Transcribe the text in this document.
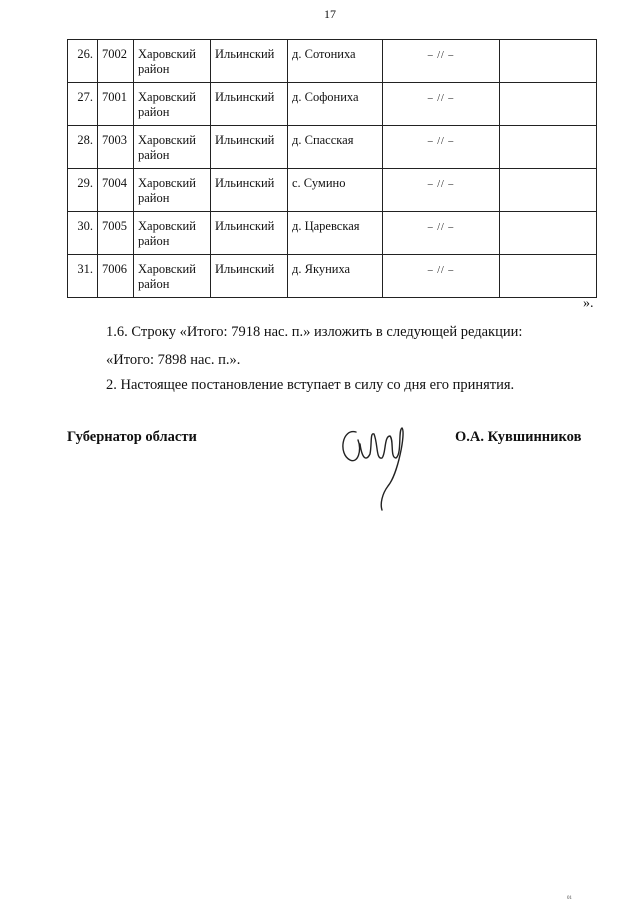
17
26.	7002	Харовский район	Ильинский	д. Сотониха	– // –	
27.	7001	Харовский район	Ильинский	д. Софониха	– // –	
28.	7003	Харовский район	Ильинский	д. Спасская	– // –	
29.	7004	Харовский район	Ильинский	с. Сумино	– // –	
30.	7005	Харовский район	Ильинский	д. Царевская	– // –	
31.	7006	Харовский район	Ильинский	д. Якуниха	– // –	
».
1.6. Строку «Итого: 7918 нас. п.» изложить в следующей редакции:
«Итого: 7898 нас. п.».
2. Настоящее постановление вступает в силу со дня его принятия.
Губернатор области	О.А. Кувшинников
01
